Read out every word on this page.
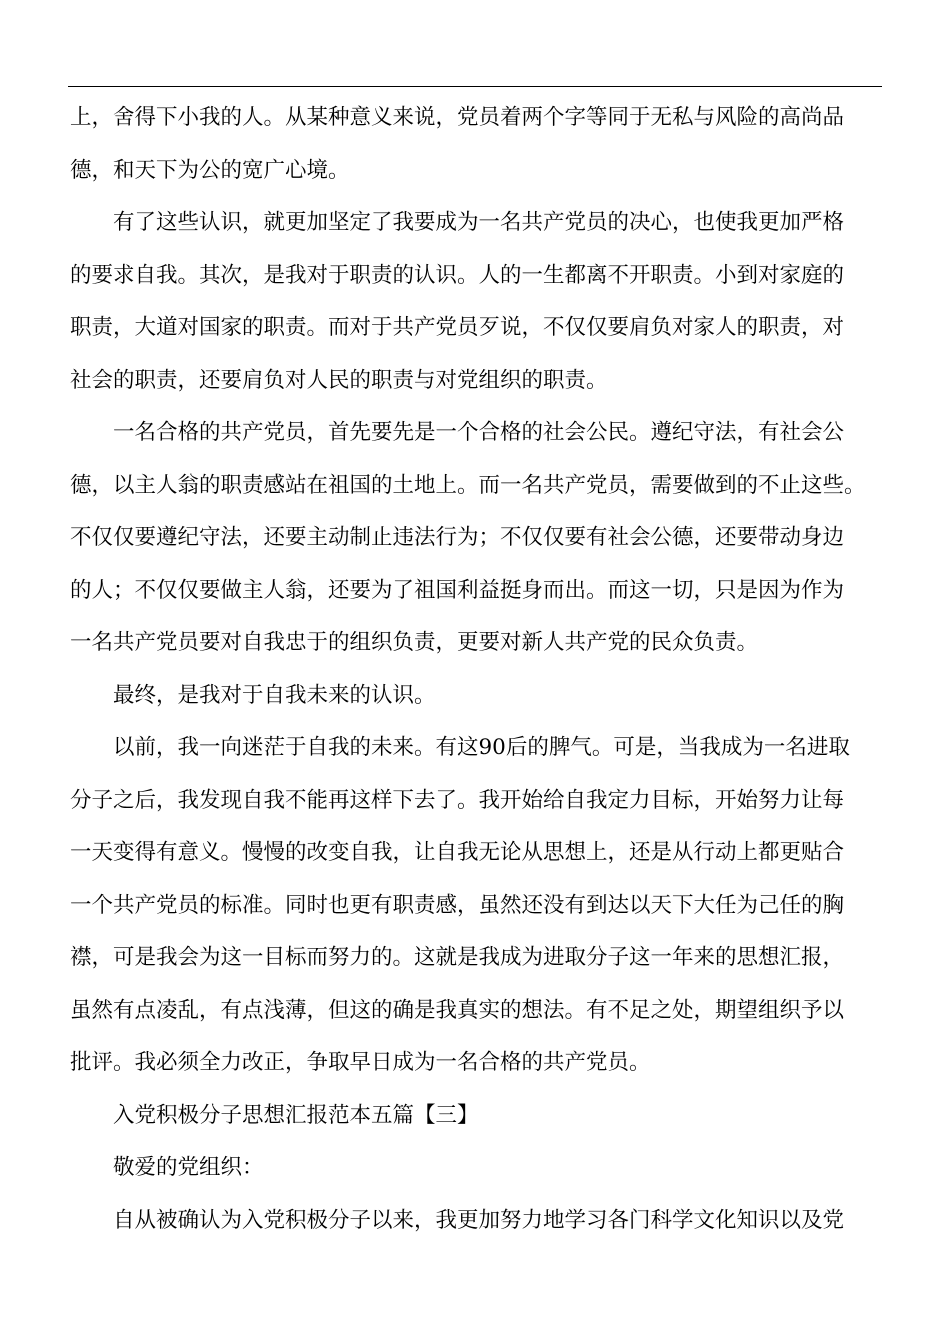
上，舍得下小我的人。从某种意义来说，党员着两个字等同于无私与风险的高尚品
德，和天下为公的宽广心境。
有了这些认识，就更加坚定了我要成为一名共产党员的决心，也使我更加严格
的要求自我。其次，是我对于职责的认识。人的一生都离不开职责。小到对家庭的
职责，大道对国家的职责。而对于共产党员歹说，不仅仅要肩负对家人的职责，对
社会的职责，还要肩负对人民的职责与对党组织的职责。
一名合格的共产党员，首先要先是一个合格的社会公民。遵纪守法，有社会公
德，以主人翁的职责感站在祖国的土地上。而一名共产党员，需要做到的不止这些。
不仅仅要遵纪守法，还要主动制止违法行为；不仅仅要有社会公德，还要带动身边
的人；不仅仅要做主人翁，还要为了祖国利益挺身而出。而这一切，只是因为作为
一名共产党员要对自我忠于的组织负责，更要对新人共产党的民众负责。
最终，是我对于自我未来的认识。
以前，我一向迷茫于自我的未来。有这90后的脾气。可是，当我成为一名进取
分子之后，我发现自我不能再这样下去了。我开始给自我定力目标，开始努力让每
一天变得有意义。慢慢的改变自我，让自我无论从思想上，还是从行动上都更贴合
一个共产党员的标准。同时也更有职责感，虽然还没有到达以天下大任为己任的胸
襟，可是我会为这一目标而努力的。这就是我成为进取分子这一年来的思想汇报，
虽然有点凌乱，有点浅薄，但这的确是我真实的想法。有不足之处，期望组织予以
批评。我必须全力改正，争取早日成为一名合格的共产党员。
入党积极分子思想汇报范本五篇【三】
敬爱的党组织：
自从被确认为入党积极分子以来，我更加努力地学习各门科学文化知识以及党
